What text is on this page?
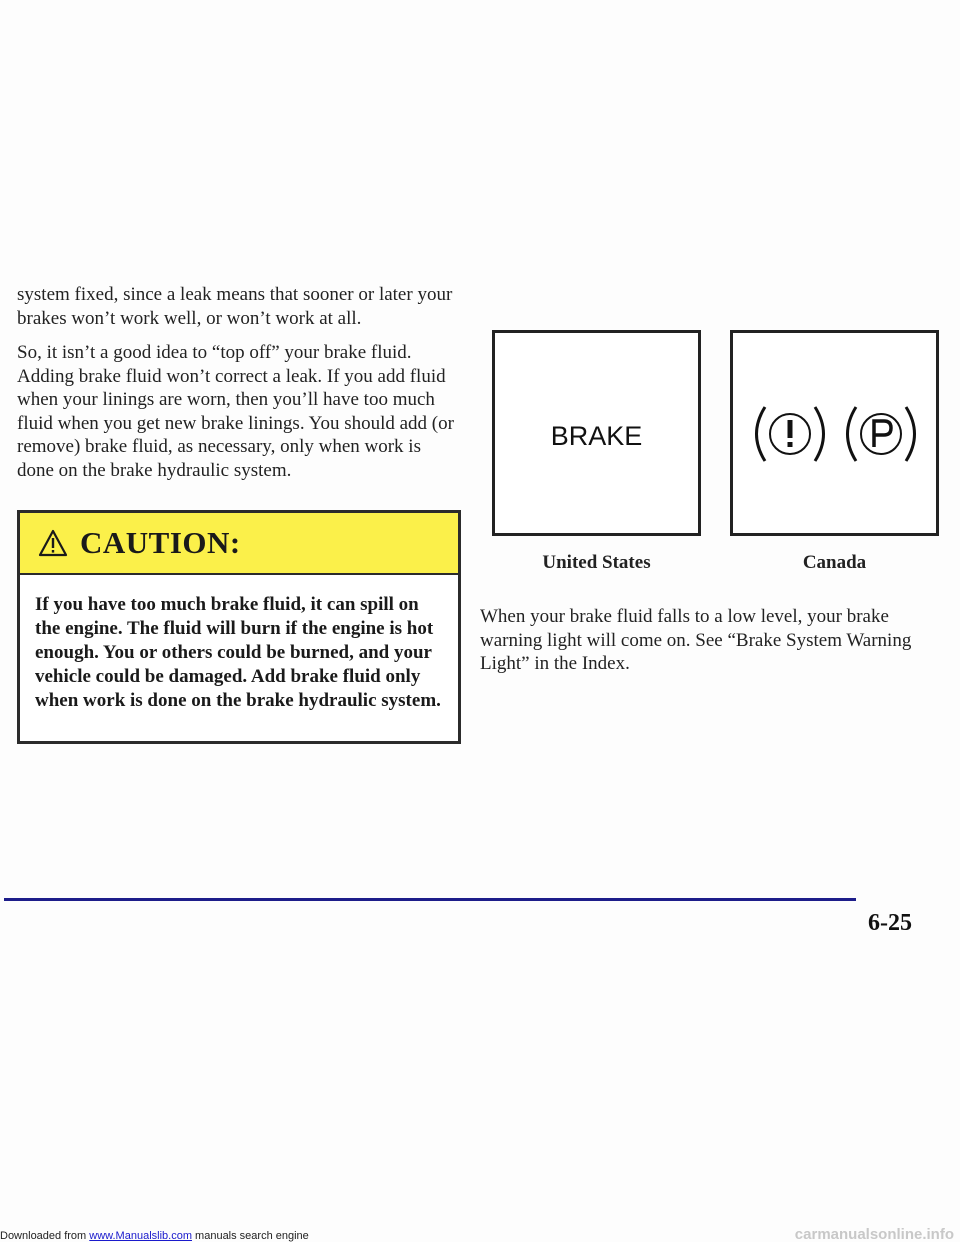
system fixed, since a leak means that sooner or later your brakes won’t work well, or won’t work at all.

So, it isn’t a good idea to “top off” your brake fluid. Adding brake fluid won’t correct a leak. If you add fluid when your linings are worn, then you’ll have too much fluid when you get new brake linings. You should add (or remove) brake fluid, as necessary, only when work is done on the brake hydraulic system.

CAUTION:
If you have too much brake fluid, it can spill on the engine. The fluid will burn if the engine is hot enough. You or others could be burned, and your vehicle could be damaged. Add brake fluid only when work is done on the brake hydraulic system.
BRAKE
United States	Canada

When your brake fluid falls to a low level, your brake warning light will come on. See “Brake System Warning Light” in the Index.

6-25
Downloaded from www.Manualslib.com manuals search engine	carmanualsonline.info
